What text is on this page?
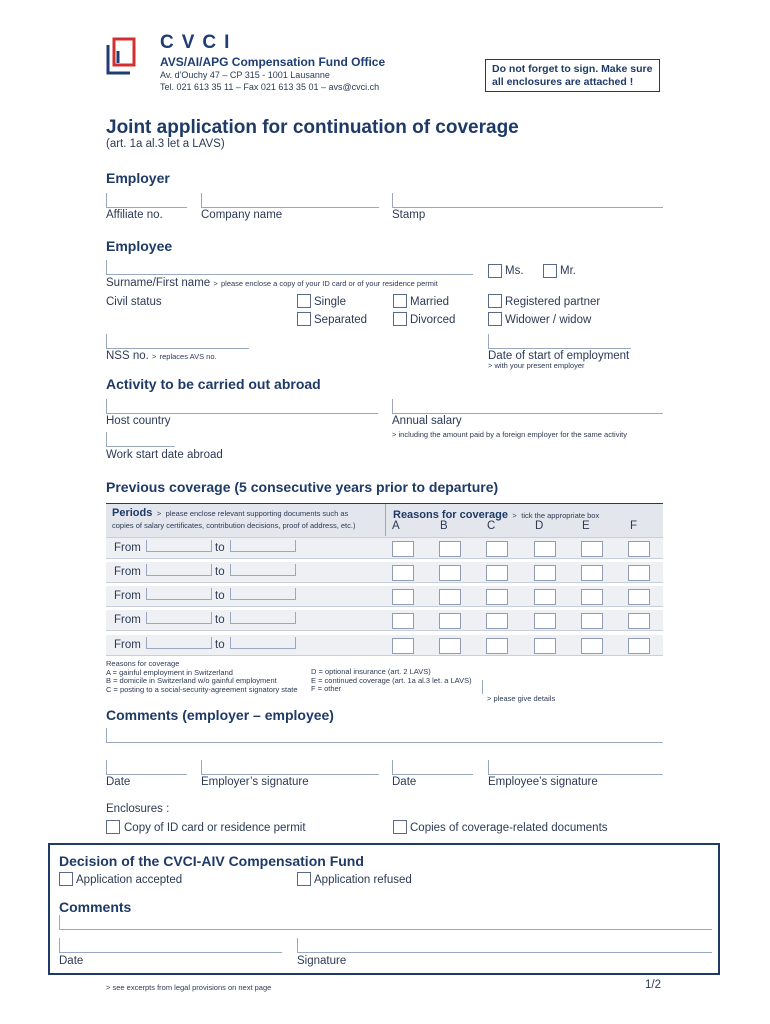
CVCI
AVS/AI/APG Compensation Fund Office
Av. d'Ouchy 47 – CP 315 - 1001 Lausanne
Tel. 021 613 35 11 – Fax 021 613 35 01 – avs@cvci.ch
Do not forget to sign. Make sure
all enclosures are attached !
Joint application for continuation of coverage
(art. 1a al.3 let a LAVS)
Employer
Affiliate no.	Company name	Stamp
Employee
Ms.	Mr.
Surname/First name > please enclose a copy of your ID card or of your residence permit
Civil status	Single	Married	Registered partner
Separated	Divorced	Widower / widow
NSS no. > replaces AVS no.	Date of start of employment
> with your present employer
Activity to be carried out abroad
Host country	Annual salary
> including the amount paid by a foreign employer for the same activity
Work start date abroad
Previous coverage (5 consecutive years prior to departure)
Periods > please enclose relevant supporting documents such as
copies of salary certificates, contribution decisions, proof of address, etc.)
Reasons for coverage > tick the appropriate box
A	B	C	D	E	F
From	to
From	to
From	to
From	to
From	to
Reasons for coverage
A = gainful employment in Switzerland
B = domicile in Switzerland w/o gainful employment
C = posting to a social-security-agreement signatory state
D = optional insurance (art. 2 LAVS)
E = continued coverage (art. 1a al.3 let. a LAVS)
F = other
> please give details
Comments (employer – employee)
Date	Employer’s signature	Date	Employee’s signature
Enclosures :
Copy of ID card or residence permit	Copies of coverage-related documents
Decision of the CVCI-AIV Compensation Fund
Application accepted	Application refused
Comments
Date	Signature
> see excerpts from legal provisions on next page	1/2
